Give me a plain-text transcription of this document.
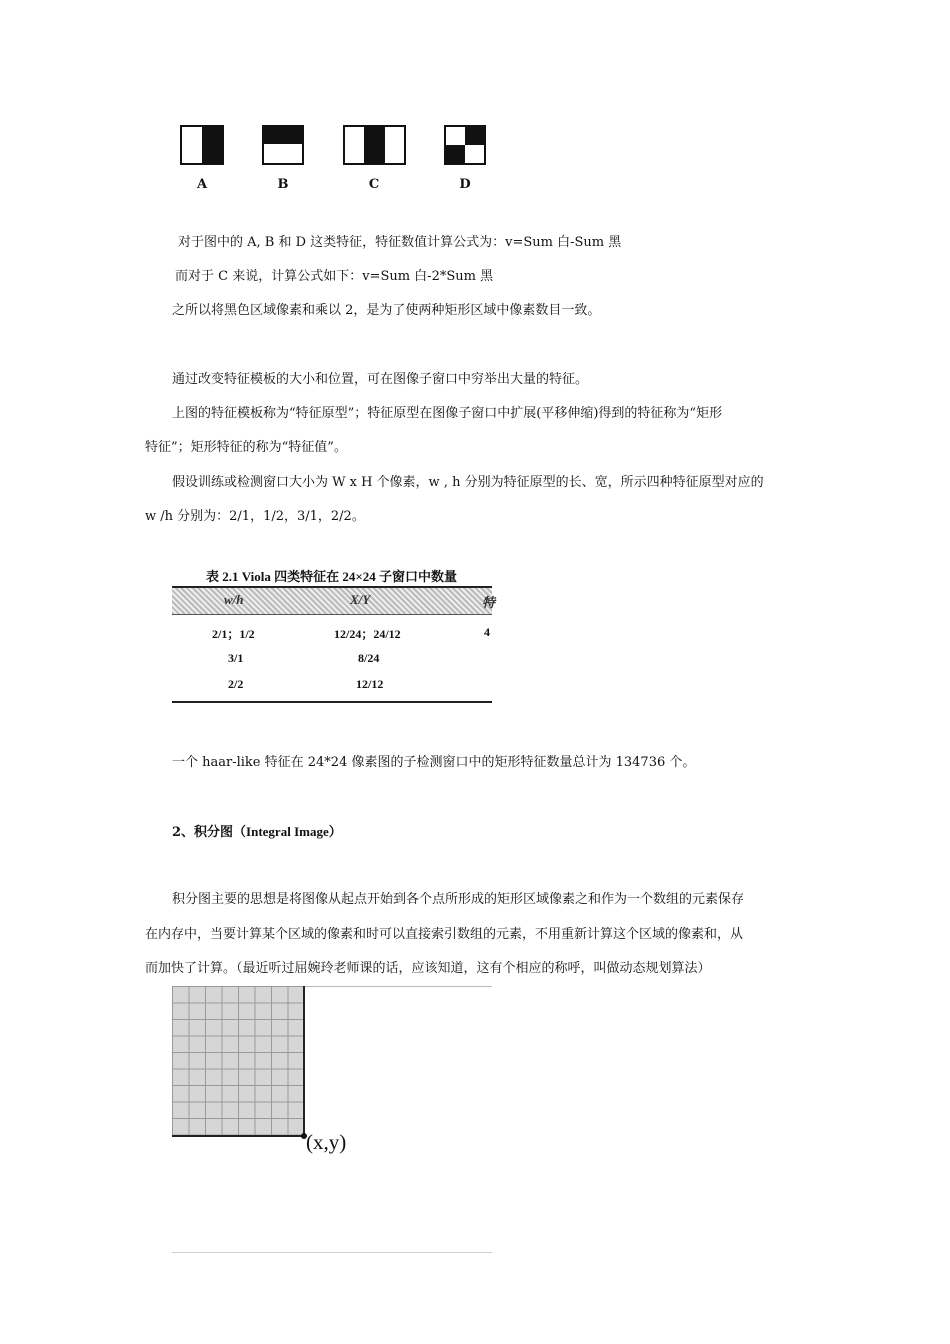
A	B	C	D
对于图中的 A, B 和 D 这类特征，特征数值计算公式为：v=Sum 白-Sum 黑
而对于 C 来说，计算公式如下：v=Sum 白-2*Sum 黑
之所以将黑色区域像素和乘以 2，是为了使两种矩形区域中像素数目一致。
通过改变特征模板的大小和位置，可在图像子窗口中穷举出大量的特征。
上图的特征模板称为“特征原型”；特征原型在图像子窗口中扩展(平移伸缩)得到的特征称为“矩形
特征”；矩形特征的称为“特征值”。
假设训练或检测窗口大小为 W x H 个像素，w , h 分别为特征原型的长、宽，所示四种特征原型对应的
w /h 分别为：2/1，1/2，3/1，2/2。
表 2.1 Viola 四类特征在 24×24 子窗口中数量
w/h	X/Y	特
2/1；1/2	12/24；24/12	4
3/1	8/24
2/2	12/12
一个 haar-like 特征在 24*24 像素图的子检测窗口中的矩形特征数量总计为 134736 个。
2、积分图（Integral Image）
积分图主要的思想是将图像从起点开始到各个点所形成的矩形区域像素之和作为一个数组的元素保存
在内存中，当要计算某个区域的像素和时可以直接索引数组的元素，不用重新计算这个区域的像素和，从
而加快了计算。（最近听过屈婉玲老师课的话，应该知道，这有个相应的称呼，叫做动态规划算法）
(x,y)
